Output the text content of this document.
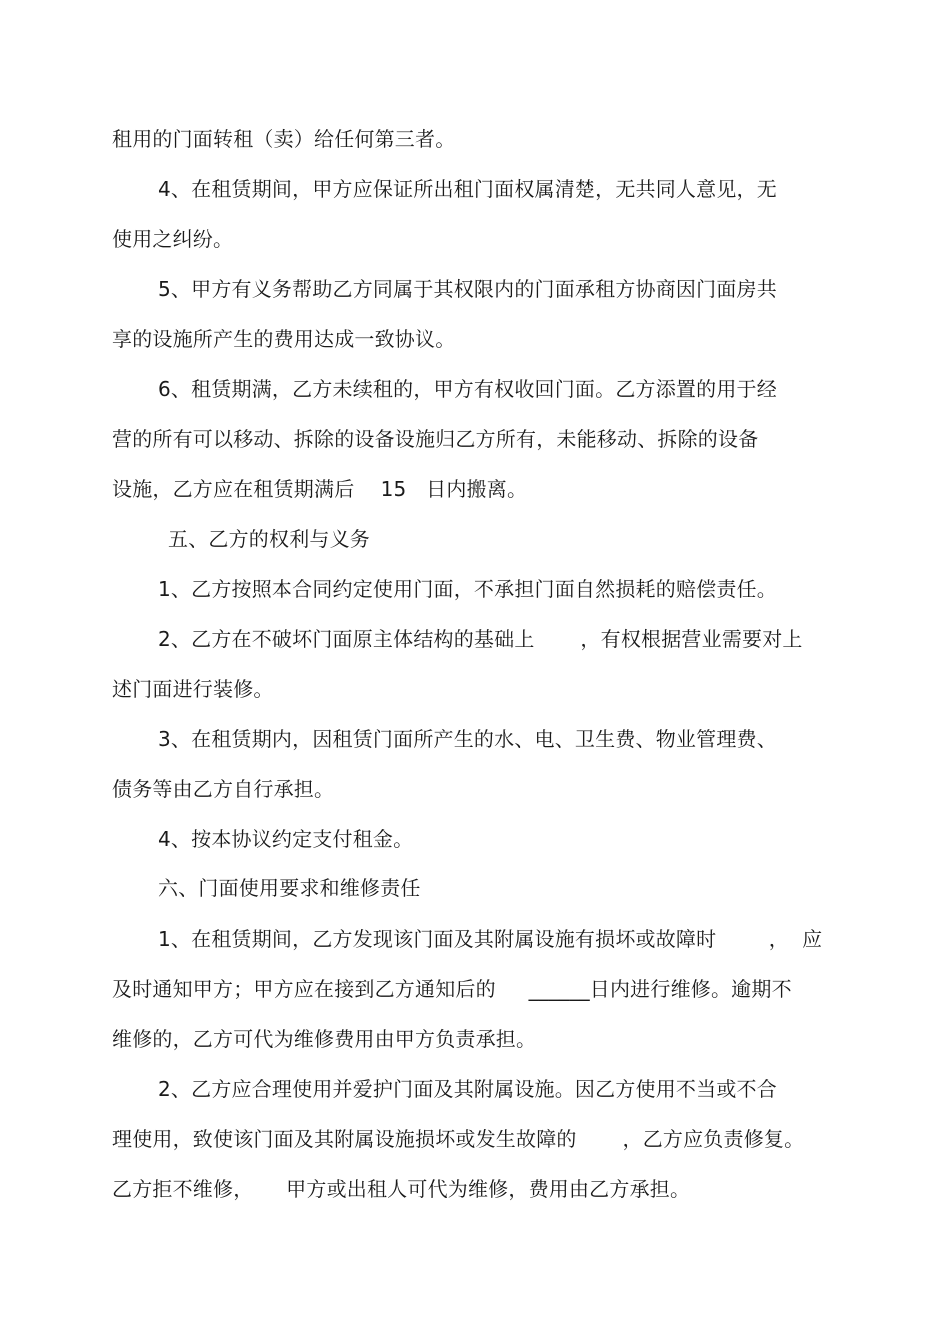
租用的门面转租（卖）给任何第三者。
4、在租赁期间，甲方应保证所出租门面权属清楚，无共同人意见，无
使用之纠纷。
5、甲方有义务帮助乙方同属于其权限内的门面承租方协商因门面房共
享的设施所产生的费用达成一致协议。
6、租赁期满，乙方未续租的，甲方有权收回门面。乙方添置的用于经
营的所有可以移动、拆除的设备设施归乙方所有，未能移动、拆除的设备
设施，乙方应在租赁期满后    15   日内搬离。
五、乙方的权利与义务
1、乙方按照本合同约定使用门面，不承担门面自然损耗的赔偿责任。
2、乙方在不破坏门面原主体结构的基础上       ，有权根据营业需要对上
述门面进行装修。
3、在租赁期内，因租赁门面所产生的水、电、卫生费、物业管理费、
债务等由乙方自行承担。
4、按本协议约定支付租金。
六、门面使用要求和维修责任
1、在租赁期间，乙方发现该门面及其附属设施有损坏或故障时        ，  应
及时通知甲方；甲方应在接到乙方通知后的     ______日内进行维修。逾期不
维修的，乙方可代为维修费用由甲方负责承担。
2、乙方应合理使用并爱护门面及其附属设施。因乙方使用不当或不合
理使用，致使该门面及其附属设施损坏或发生故障的       ，乙方应负责修复。
乙方拒不维修，     甲方或出租人可代为维修，费用由乙方承担。
